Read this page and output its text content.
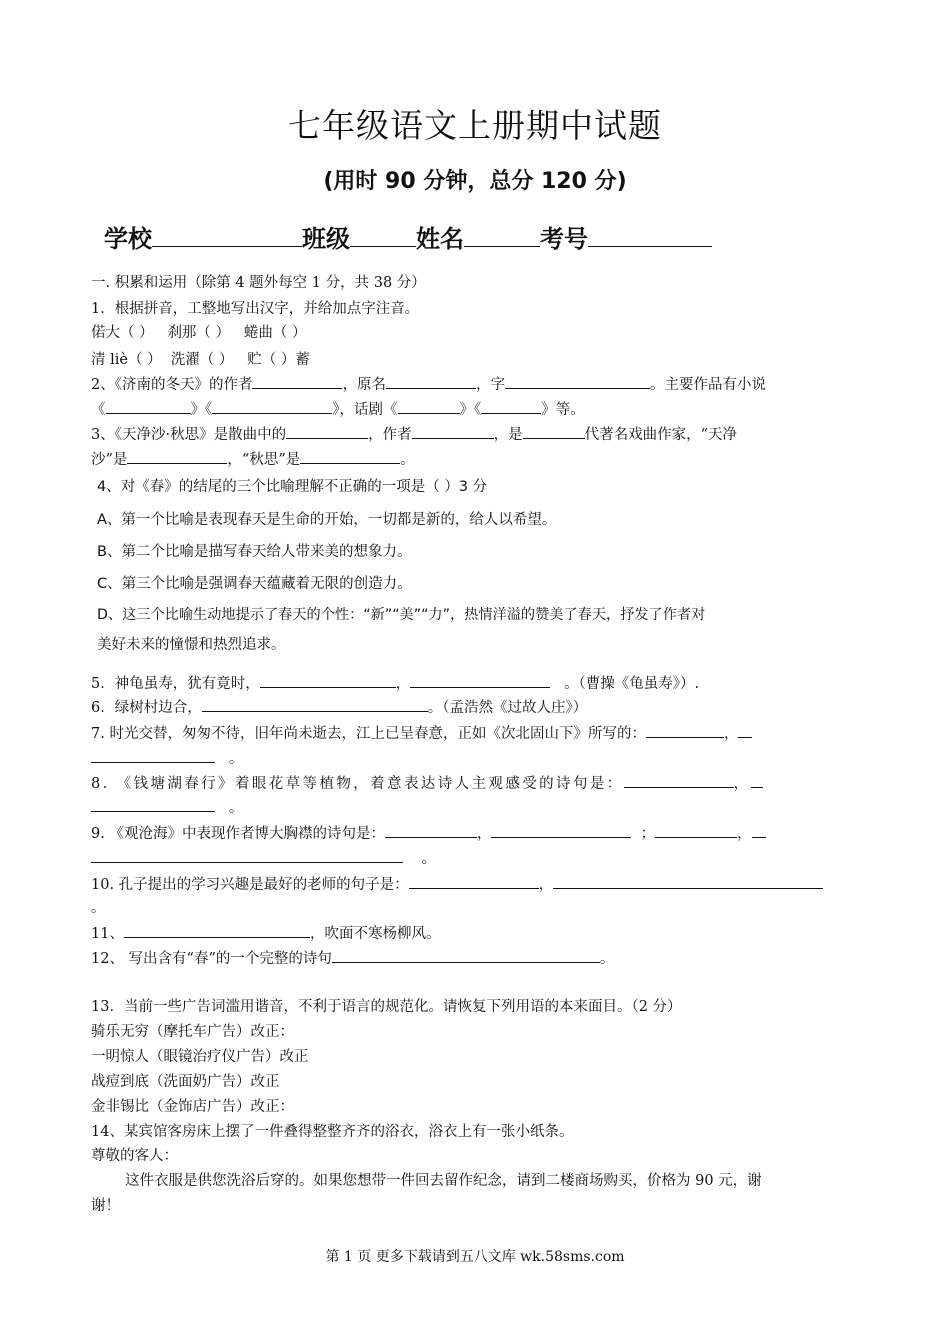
七年级语文上册期中试题
(用时 90 分钟，总分 120 分)
学校	班级	姓名	考号
一. 积累和运用（除第 4 题外每空 1 分，共 38 分）
1．根据拼音，工整地写出汉字，并给加点字注音。
偌大（ ） 刹那（ ） 蜷曲（ ）
清 liè（ ） 洗濯（ ） 贮（ ）蓄
2、《济南的冬天》的作者	，原名	，字	。主要作品有小说
《	》《	》，话剧《	》《	》等。
3、《天净沙·秋思》是散曲中的	，作者	，是	代著名戏曲作家，“天净
沙”是	，“秋思”是	。
4、对《春》的结尾的三个比喻理解不正确的一项是（ ）3 分
A、第一个比喻是表现春天是生命的开始，一切都是新的，给人以希望。
B、第二个比喻是描写春天给人带来美的想象力。
C、第三个比喻是强调春天蕴藏着无限的创造力。
D、这三个比喻生动地提示了春天的个性：“新”“美”“力”，热情洋溢的赞美了春天，抒发了作者对
美好未来的憧憬和热烈追求。
5．神龟虽寿，犹有竟时，	，	。（曹操《龟虽寿》）.
6．绿树村边合，	。（孟浩然《过故人庄》）
7. 时光交替，匆匆不待，旧年尚未逝去，江上已呈春意，正如《次北固山下》所写的：	，
。
8. 《钱塘湖春行》着眼花草等植物，着意表达诗人主观感受的诗句是：	，
。
9. 《观沧海》中表现作者博大胸襟的诗句是：	，	；	，
。
10. 孔子提出的学习兴趣是最好的老师的句子是：	，
。
11、	，吹面不寒杨柳风。
12、 写出含有“春”的一个完整的诗句	。
13．当前一些广告词滥用谐音，不利于语言的规范化。请恢复下列用语的本来面目。（2 分）
骑乐无穷（摩托车广告）改正：
一明惊人（眼镜治疗仪广告）改正
战痘到底（洗面奶广告）改正
金非锡比（金饰店广告）改正：
14、某宾馆客房床上摆了一件叠得整整齐齐的浴衣，浴衣上有一张小纸条。
尊敬的客人：
这件衣服是供您洗浴后穿的。如果您想带一件回去留作纪念，请到二楼商场购买，价格为 90 元，谢
谢！
第 1 页 更多下载请到五八文库 wk.58sms.com
